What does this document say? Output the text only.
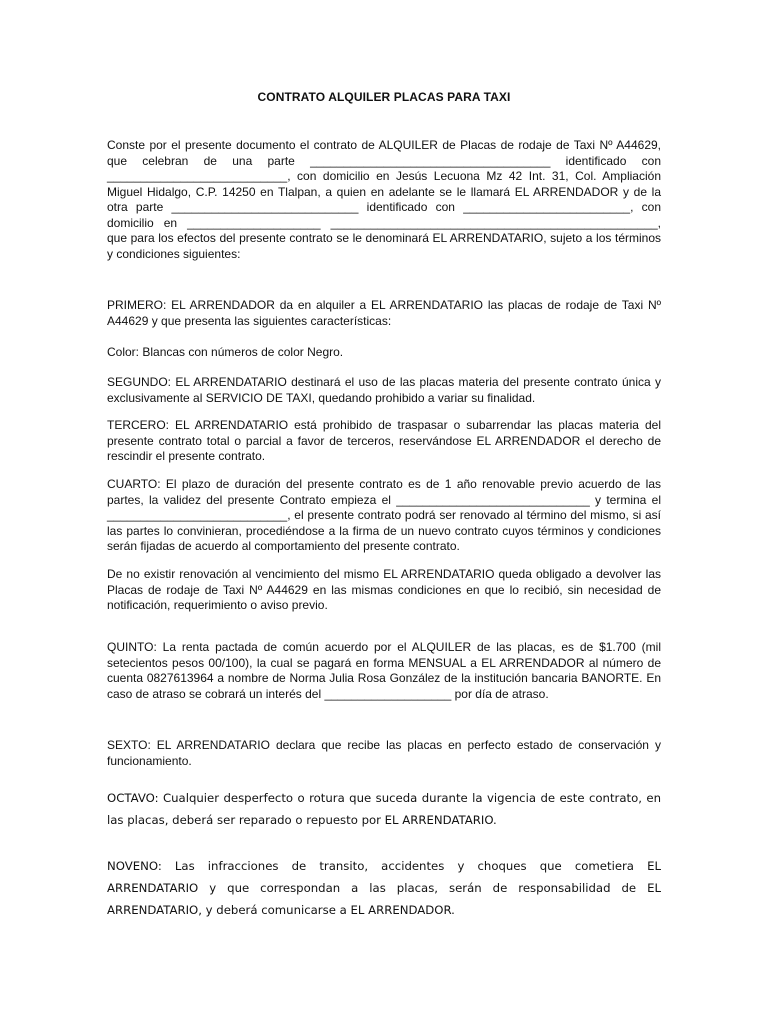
CONTRATO ALQUILER PLACAS PARA TAXI

Conste por el presente documento el contrato de ALQUILER de Placas de rodaje de Taxi Nº A44629, que celebran de una parte ____________________________________ identificado con ___________________________, con domicilio en Jesús Lecuona Mz 42 Int. 31, Col. Ampliación Miguel Hidalgo, C.P. 14250 en Tlalpan, a quien en adelante se le llamará EL ARRENDADOR y de la otra parte ____________________________ identificado con _________________________, con domicilio en ____________________ _________________________________________________, que para los efectos del presente contrato se le denominará EL ARRENDATARIO, sujeto a los términos y condiciones siguientes:

PRIMERO: EL ARRENDADOR da en alquiler a EL ARRENDATARIO las placas de rodaje de Taxi Nº A44629 y que presenta las siguientes características:

Color: Blancas con números de color Negro.

SEGUNDO: EL ARRENDATARIO destinará el uso de las placas materia del presente contrato única y exclusivamente al SERVICIO DE TAXI, quedando prohibido a variar su finalidad.

TERCERO: EL ARRENDATARIO está prohibido de traspasar o subarrendar las placas materia del presente contrato total o parcial a favor de terceros, reservándose EL ARRENDADOR el derecho de rescindir el presente contrato.

CUARTO: El plazo de duración del presente contrato es de 1 año renovable previo acuerdo de las partes, la validez del presente Contrato empieza el _____________________________ y termina el ___________________________, el presente contrato podrá ser renovado al término del mismo, si así las partes lo convinieran, procediéndose a la firma de un nuevo contrato cuyos términos y condiciones serán fijadas de acuerdo al comportamiento del presente contrato.

De no existir renovación al vencimiento del mismo EL ARRENDATARIO queda obligado a devolver las Placas de rodaje de Taxi Nº A44629 en las mismas condiciones en que lo recibió, sin necesidad de notificación, requerimiento o aviso previo.

QUINTO: La renta pactada de común acuerdo por el ALQUILER de las placas, es de $1.700 (mil setecientos pesos 00/100), la cual se pagará en forma MENSUAL a EL ARRENDADOR al número de cuenta 0827613964 a nombre de Norma Julia Rosa González de la institución bancaria BANORTE. En caso de atraso se cobrará un interés del ___________________ por día de atraso.

SEXTO: EL ARRENDATARIO declara que recibe las placas en perfecto estado de conservación y funcionamiento.

OCTAVO: Cualquier desperfecto o rotura que suceda durante la vigencia de este contrato, en las placas, deberá ser reparado o repuesto por EL ARRENDATARIO.

NOVENO: Las infracciones de transito, accidentes y choques que cometiera EL ARRENDATARIO y que correspondan a las placas, serán de responsabilidad de EL ARRENDATARIO, y deberá comunicarse a EL ARRENDADOR.
